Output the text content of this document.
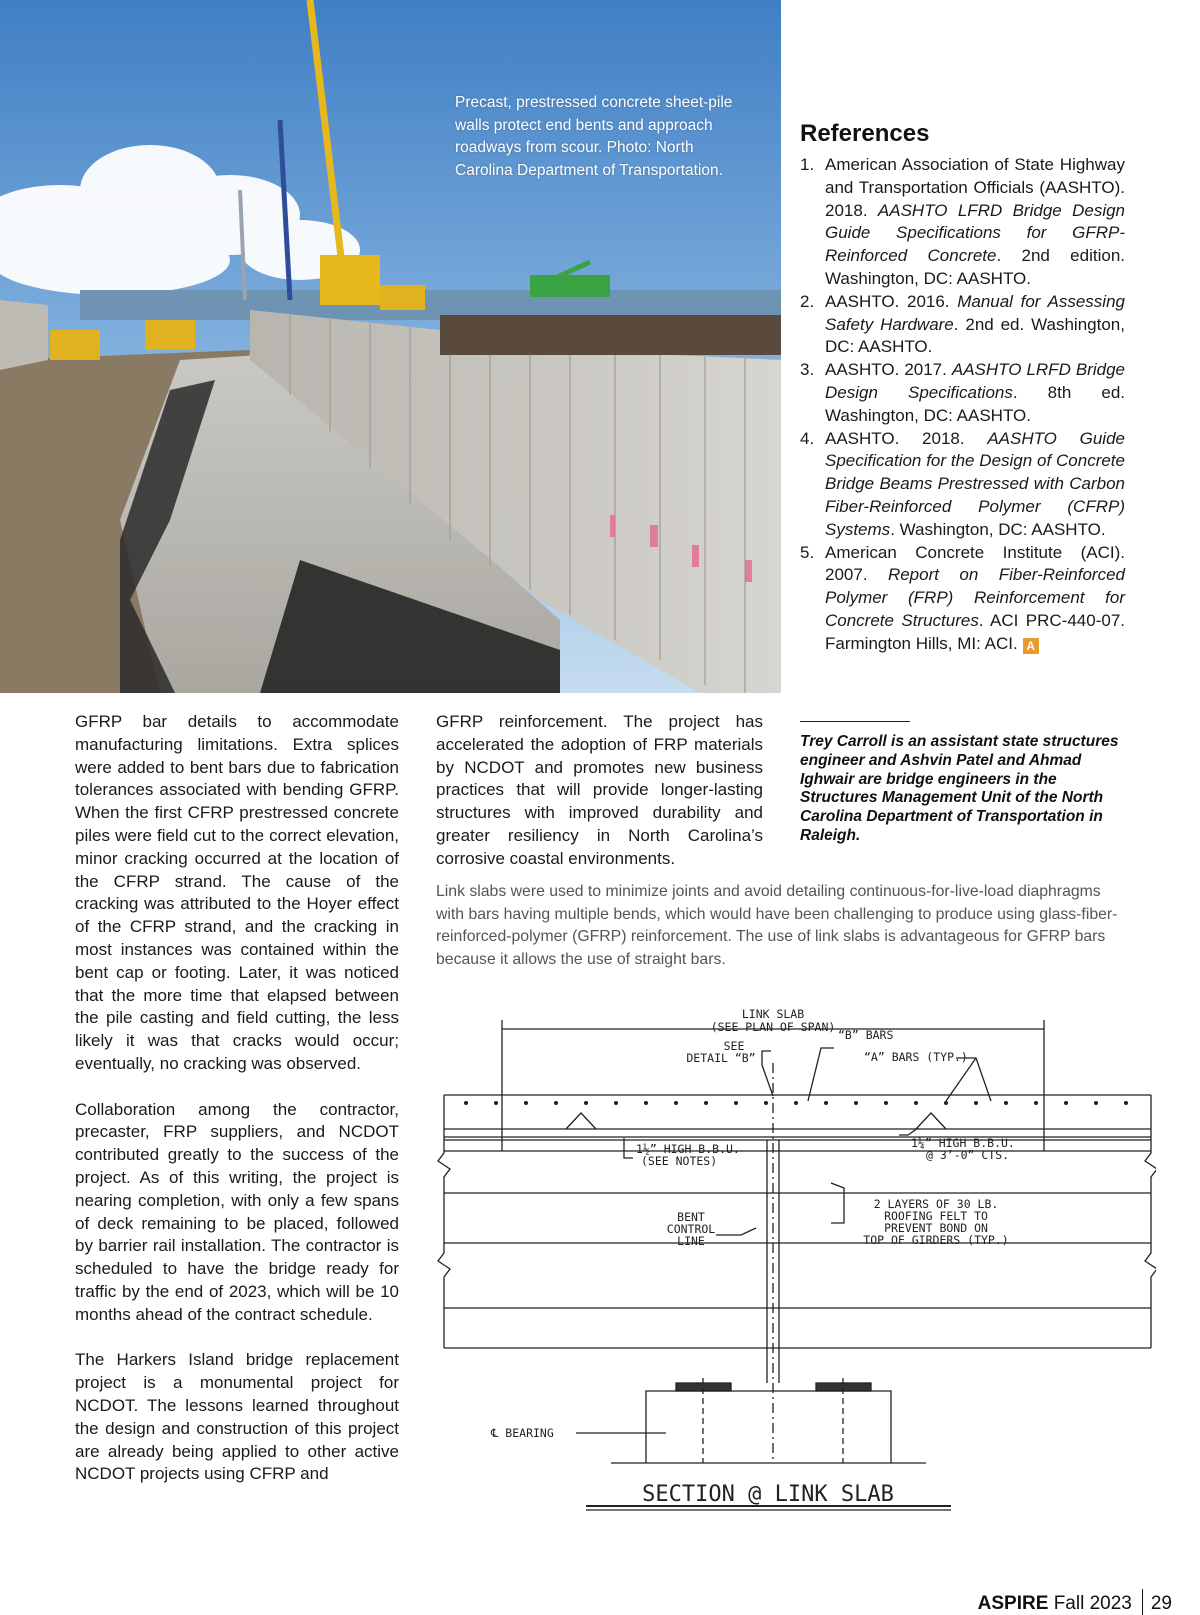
Precast, prestressed concrete sheet-pile walls protect end bents and approach roadways from scour. Photo: North Carolina Department of Transportation.
References
1. American Association of State Highway and Transportation Officials (AASHTO). 2018. AASHTO LFRD Bridge Design Guide Specifications for GFRP-Reinforced Concrete. 2nd edition. Washington, DC: AASHTO.
2. AASHTO. 2016. Manual for Assessing Safety Hardware. 2nd ed. Washington, DC: AASHTO.
3. AASHTO. 2017. AASHTO LRFD Bridge Design Specifications. 8th ed. Washington, DC: AASHTO.
4. AASHTO. 2018. AASHTO Guide Specification for the Design of Concrete Bridge Beams Prestressed with Carbon Fiber-Reinforced Polymer (CFRP) Systems. Washington, DC: AASHTO.
5. American Concrete Institute (ACI). 2007. Report on Fiber-Reinforced Polymer (FRP) Reinforcement for Concrete Structures. ACI PRC-440-07. Farmington Hills, MI: ACI. A
Trey Carroll is an assistant state structures engineer and Ashvin Patel and Ahmad Ighwair are bridge engineers in the Structures Management Unit of the North Carolina Department of Transportation in Raleigh.

GFRP bar details to accommodate manufacturing limitations. Extra splices were added to bent bars due to fabrication tolerances associated with bending GFRP. When the first CFRP prestressed concrete piles were field cut to the correct elevation, minor cracking occurred at the location of the CFRP strand. The cause of the cracking was attributed to the Hoyer effect of the CFRP strand, and the cracking in most instances was contained within the bent cap or footing. Later, it was noticed that the more time that elapsed between the pile casting and field cutting, the less likely it was that cracks would occur; eventually, no cracking was observed.

Collaboration among the contractor, precaster, FRP suppliers, and NCDOT contributed greatly to the success of the project. As of this writing, the project is nearing completion, with only a few spans of deck remaining to be placed, followed by barrier rail installation. The contractor is scheduled to have the bridge ready for traffic by the end of 2023, which will be 10 months ahead of the contract schedule.

The Harkers Island bridge replacement project is a monumental project for NCDOT. The lessons learned throughout the design and construction of this project are already being applied to other active NCDOT projects using CFRP and

GFRP reinforcement. The project has accelerated the adoption of FRP materials by NCDOT and promotes new business practices that will provide longer-lasting structures with improved durability and greater resiliency in North Carolina’s corrosive coastal environments.

Link slabs were used to minimize joints and avoid detailing continuous-for-live-load diaphragms with bars having multiple bends, which would have been challenging to produce using glass-fiber-reinforced-polymer (GFRP) reinforcement. The use of link slabs is advantageous for GFRP bars because it allows the use of straight bars.
LINK SLAB
(SEE PLAN OF SPAN)
SEE
DETAIL “B”
“B” BARS
“A” BARS (TYP.)
1½” HIGH B.B.U.
(SEE NOTES)
1¼” HIGH B.B.U.
@ 3’-0” CTS.
BENT
CONTROL
LINE
2 LAYERS OF 30 LB.
ROOFING FELT TO
PREVENT BOND ON
TOP OF GIRDERS (TYP.)
℄ BEARING
SECTION @ LINK SLAB
ASPIRE Fall 2023 29
